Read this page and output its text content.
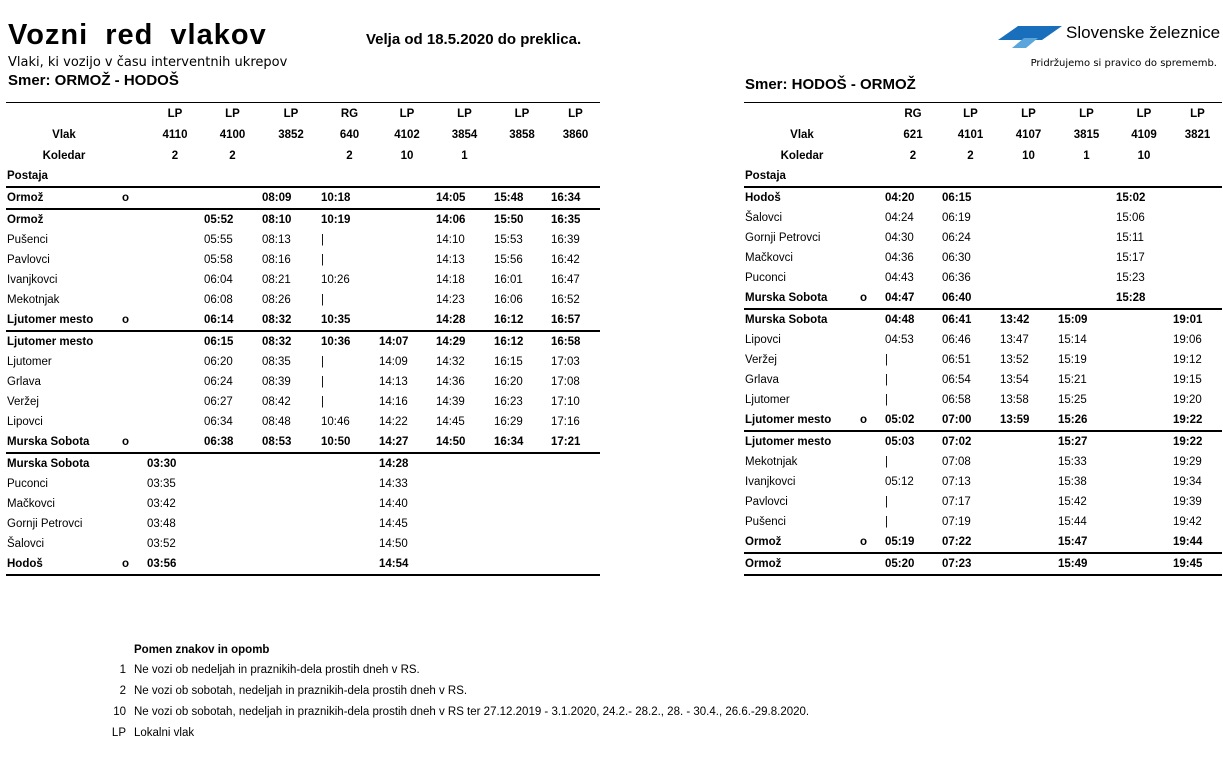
Vozni red vlakov	Velja od 18.5.2020 do preklica.
Vlaki, ki vozijo v času interventnih ukrepov
Smer: ORMOŽ - HODOŠ	Smer: HODOŠ - ORMOŽ
Slovenske železnice
Pridržujemo si pravico do sprememb.
		LP	LP	LP	RG	LP	LP	LP	LP
Vlak		4110	4100	3852	640	4102	3854	3858	3860
Koledar		2	2		2	10	1		
Postaja									
Ormož	o			08:09	10:18		14:05	15:48	16:34
Ormož			05:52	08:10	10:19		14:06	15:50	16:35
Pušenci			05:55	08:13	|		14:10	15:53	16:39
Pavlovci			05:58	08:16	|		14:13	15:56	16:42
Ivanjkovci			06:04	08:21	10:26		14:18	16:01	16:47
Mekotnjak			06:08	08:26	|		14:23	16:06	16:52
Ljutomer mesto	o		06:14	08:32	10:35		14:28	16:12	16:57
Ljutomer mesto			06:15	08:32	10:36	14:07	14:29	16:12	16:58
Ljutomer			06:20	08:35	|	14:09	14:32	16:15	17:03
Grlava			06:24	08:39	|	14:13	14:36	16:20	17:08
Veržej			06:27	08:42	|	14:16	14:39	16:23	17:10
Lipovci			06:34	08:48	10:46	14:22	14:45	16:29	17:16
Murska Sobota	o		06:38	08:53	10:50	14:27	14:50	16:34	17:21
Murska Sobota		03:30				14:28			
Puconci		03:35				14:33			
Mačkovci		03:42				14:40			
Gornji Petrovci		03:48				14:45			
Šalovci		03:52				14:50			
Hodoš	o	03:56				14:54			
		RG	LP	LP	LP	LP	LP
Vlak		621	4101	4107	3815	4109	3821
Koledar		2	2	10	1	10	
Postaja							
Hodoš		04:20	06:15			15:02	
Šalovci		04:24	06:19			15:06	
Gornji Petrovci		04:30	06:24			15:11	
Mačkovci		04:36	06:30			15:17	
Puconci		04:43	06:36			15:23	
Murska Sobota	o	04:47	06:40			15:28	
Murska Sobota		04:48	06:41	13:42	15:09		19:01
Lipovci		04:53	06:46	13:47	15:14		19:06
Veržej		|	06:51	13:52	15:19		19:12
Grlava		|	06:54	13:54	15:21		19:15
Ljutomer		|	06:58	13:58	15:25		19:20
Ljutomer mesto	o	05:02	07:00	13:59	15:26		19:22
Ljutomer mesto		05:03	07:02		15:27		19:22
Mekotnjak		|	07:08		15:33		19:29
Ivanjkovci		05:12	07:13		15:38		19:34
Pavlovci		|	07:17		15:42		19:39
Pušenci		|	07:19		15:44		19:42
Ormož	o	05:19	07:22		15:47		19:44
Ormož		05:20	07:23		15:49		19:45
Pomen znakov in opomb
1 Ne vozi ob nedeljah in praznikih-dela prostih dneh v RS.
2 Ne vozi ob sobotah, nedeljah in praznikih-dela prostih dneh v RS.
10 Ne vozi ob sobotah, nedeljah in praznikih-dela prostih dneh v RS ter 27.12.2019 - 3.1.2020, 24.2.- 28.2., 28. - 30.4., 26.6.-29.8.2020.
LP Lokalni vlak
